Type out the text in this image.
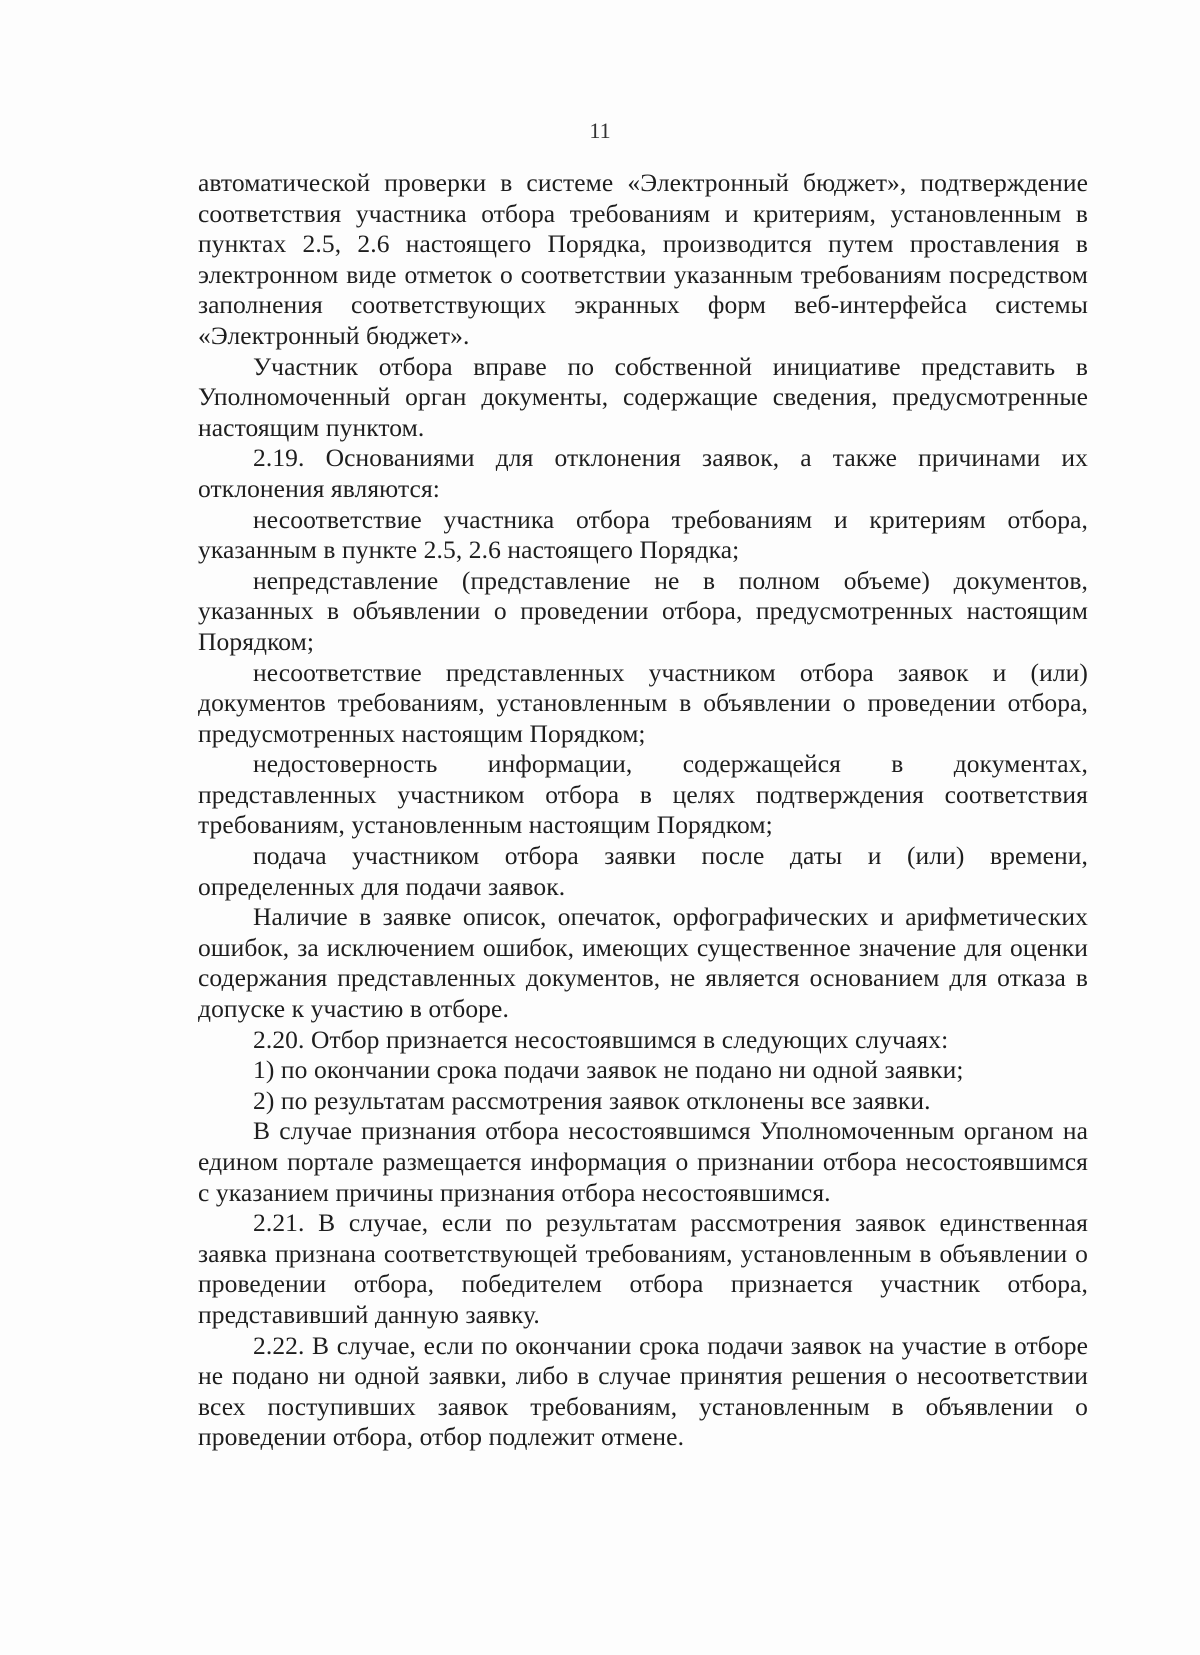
11

автоматической проверки в системе «Электронный бюджет», подтверждение соответствия участника отбора требованиям и критериям, установленным в пунктах 2.5, 2.6 настоящего Порядка, производится путем проставления в электронном виде отметок о соответствии указанным требованиям посредством заполнения соответствующих экранных форм веб-интерфейса системы «Электронный бюджет».

Участник отбора вправе по собственной инициативе представить в Уполномоченный орган документы, содержащие сведения, предусмотренные настоящим пунктом.

2.19. Основаниями для отклонения заявок, а также причинами их отклонения являются:

несоответствие участника отбора требованиям и критериям отбора, указанным в пункте 2.5, 2.6 настоящего Порядка;

непредставление (представление не в полном объеме) документов, указанных в объявлении о проведении отбора, предусмотренных настоящим Порядком;

несоответствие представленных участником отбора заявок и (или) документов требованиям, установленным в объявлении о проведении отбора, предусмотренных настоящим Порядком;

недостоверность информации, содержащейся в документах, представленных участником отбора в целях подтверждения соответствия требованиям, установленным настоящим Порядком;

подача участником отбора заявки после даты и (или) времени, определенных для подачи заявок.

Наличие в заявке описок, опечаток, орфографических и арифметических ошибок, за исключением ошибок, имеющих существенное значение для оценки содержания представленных документов, не является основанием для отказа в допуске к участию в отборе.

2.20. Отбор признается несостоявшимся в следующих случаях:

1) по окончании срока подачи заявок не подано ни одной заявки;

2) по результатам рассмотрения заявок отклонены все заявки.

В случае признания отбора несостоявшимся Уполномоченным органом на едином портале размещается информация о признании отбора несостоявшимся с указанием причины признания отбора несостоявшимся.

2.21. В случае, если по результатам рассмотрения заявок единственная заявка признана соответствующей требованиям, установленным в объявлении о проведении отбора, победителем отбора признается участник отбора, представивший данную заявку.

2.22. В случае, если по окончании срока подачи заявок на участие в отборе не подано ни одной заявки, либо в случае принятия решения о несоответствии всех поступивших заявок требованиям, установленным в объявлении о проведении отбора, отбор подлежит отмене.
